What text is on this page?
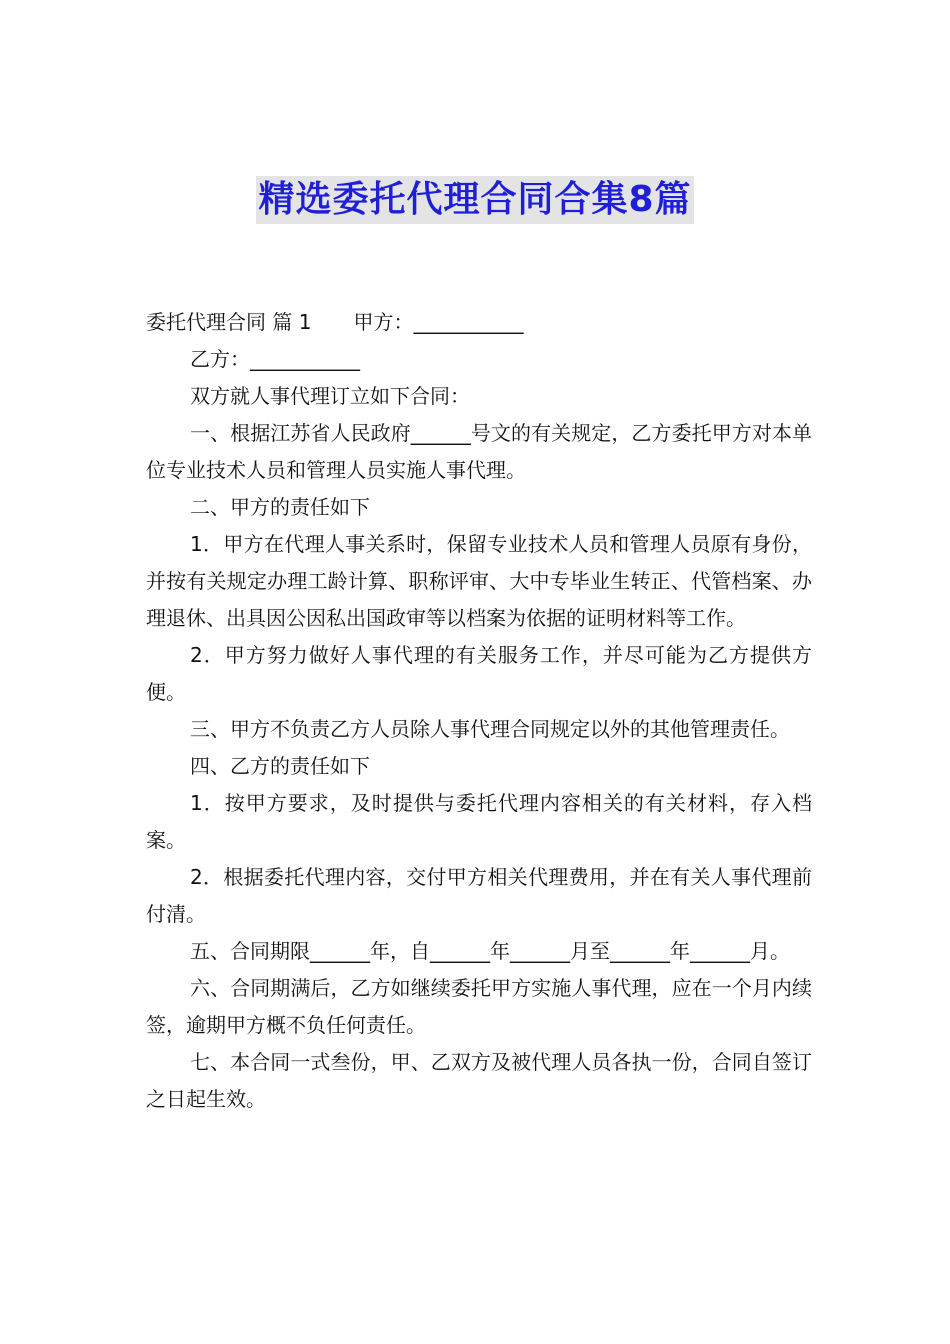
精选委托代理合同合集8篇

委托代理合同 篇 1 甲方：___________

乙方：___________

双方就人事代理订立如下合同：

一、根据江苏省人民政府______号文的有关规定，乙方委托甲方对本单位专业技术人员和管理人员实施人事代理。

二、甲方的责任如下

1．甲方在代理人事关系时，保留专业技术人员和管理人员原有身份，并按有关规定办理工龄计算、职称评审、大中专毕业生转正、代管档案、办理退休、出具因公因私出国政审等以档案为依据的证明材料等工作。

2．甲方努力做好人事代理的有关服务工作，并尽可能为乙方提供方便。

三、甲方不负责乙方人员除人事代理合同规定以外的其他管理责任。

四、乙方的责任如下

1．按甲方要求，及时提供与委托代理内容相关的有关材料，存入档案。

2．根据委托代理内容，交付甲方相关代理费用，并在有关人事代理前付清。

五、合同期限______年，自______年______月至______年______月。

六、合同期满后，乙方如继续委托甲方实施人事代理，应在一个月内续签，逾期甲方概不负任何责任。

七、本合同一式叁份，甲、乙双方及被代理人员各执一份，合同自签订之日起生效。
